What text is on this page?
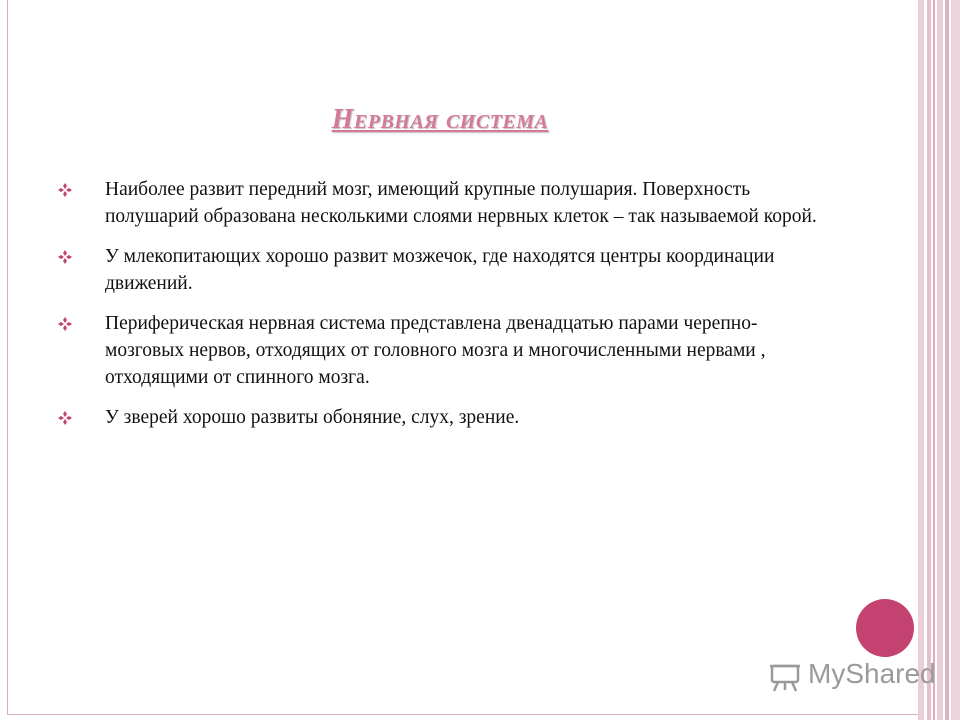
Нервная система
Наиболее развит передний мозг, имеющий крупные полушария. Поверхность полушарий образована несколькими слоями нервных клеток – так называемой корой.
У млекопитающих хорошо развит мозжечок, где находятся центры координации движений.
Периферическая нервная система представлена двенадцатью парами черепно-мозговых нервов, отходящих от головного мозга и многочисленными нервами , отходящими от спинного мозга.
У зверей хорошо развиты обоняние, слух, зрение.
MyShared
